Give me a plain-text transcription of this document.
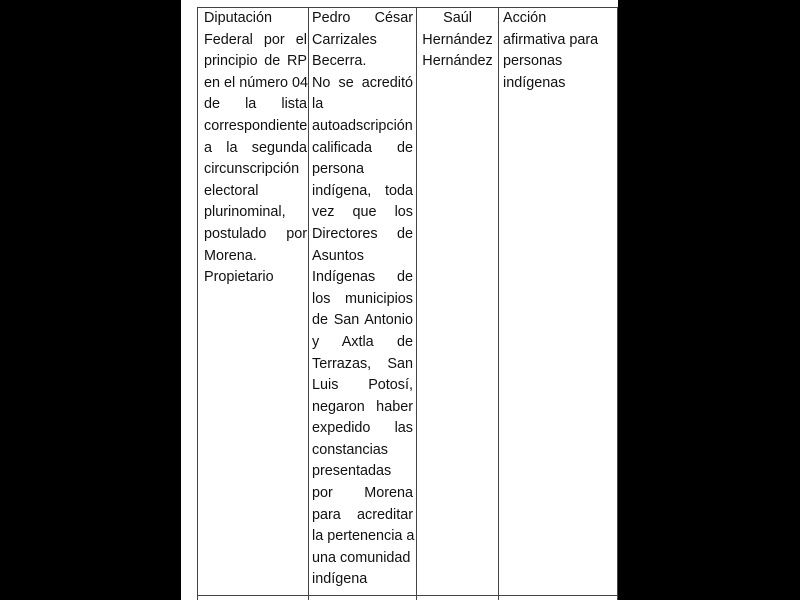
Diputación
Federal por el
principio de RP
en el número 04
de la lista
correspondiente
a la segunda
circunscripción
electoral
plurinominal,
postulado por
Morena.
Propietario
Pedro César
Carrizales
Becerra.
No se acreditó
la
autoadscripción
calificada de
persona
indígena, toda
vez que los
Directores de
Asuntos
Indígenas de
los municipios
de San Antonio
y Axtla de
Terrazas, San
Luis Potosí,
negaron haber
expedido las
constancias
presentadas
por Morena
para acreditar
la pertenencia a
una comunidad
indígena
Saúl
Hernández
Hernández
Acción
afirmativa para
personas
indígenas
